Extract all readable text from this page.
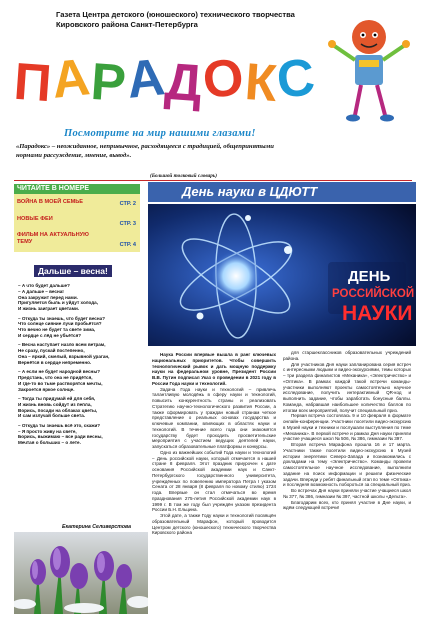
Газета Центра детского (юношеского) технического творчества
Кировского района Санкт-Петербурга
ПАРАДОКС
Посмотрите на мир нашими глазами!
«Парадокс» – неожиданное, непривычное, расходящееся с традицией, общепринятыми нормами рассуждение, мнение, вывод».
(Большой толковый словарь)
ВОЙНА В МОЕЙ СЕМЬЕ	СТР. 2
НОВЫЕ ФЕИ
СТР. 3
ФИЛЬМ НА АКТУАЛЬНУЮ ТЕМУ
СТР. 4
ЧИТАЙТЕ В НОМЕРЕ
Дальше – весна!
– А что будет дальше?
– А дальше – весна!
Она закружит перед нами.
Пригуляется быль и уйдут холода,
И жизнь заиграет цветами.
– Откуда ты знаешь, что будет весна?
Что солнце сияние лучи пробьётся?
Что вечно не будет та свете зима,
И сердце с лёд не убьётся?
– Весна наступает назло всем ветрам,
Не сразу, пускай постепенно,
Она – яркий, смелый, взрывной ураган,
Вернётся в сердце непременно.
– А если не будет народной весны?
Предстань, что она не придётся,
И где-то во тьме растворятся мечты,
Закроется яркое солнце.
– Тогда ты придумай ей для себя,
И жизнь вновь сойдут из пепла,
Ворись, посади на облаках цветы,
И сам излучай больше света.
– Откуда ты знаешь всё это, скажи?
– Я просто живу на свете,
Борись, выжимаю – все ради весны,
Мечтая о больших – о лете.
Екатерина Селиверстова
День науки в ЦДЮТТ
ДЕНЬ
РОССИЙСКОЙ
НАУКИ

Наука России впервые вышла в ранг ключевых национальных приоритетов. Чтобы совершить технологический рывок и дать мощную поддержку науки на федеральном уровне, Президент России В.В. Путин подписал Указ о проведении в 2021 году в России Года науки и технологий.

Задача Года науки и технологий – привлечь талантливую молодёжь в сферу науки и технологий, повысить конкурентность страны и реализовать Стратегию научно-технологического развития России, а также сформировать у граждан новый странам четкое представление о реальных основах государства и ключевые компании, влияющих в областях науки и технологий. В течение всего года они знакомятся государству будет проходить просветительские мероприятия с участием ведущих деятелей науки, запускаться образовательные платформы и конкурсы.

Одно из важнейших событий Года науки и технологий – День российской науки, который отмечается в нашей стране 8 февраля. Этот праздник приурочен к дате основания Российской академии наук и Санкт-Петербургского государственного университета, учреждённых по повелению императора Петра I указом Сената от 28 января (8 февраля по новому стилю) 1724 года. Впервые он стал отмечаться во время празднования 275-летия Российской академии наук в 1999 г. В том же году был учреждён указом президента России Б.Н. Ельцина.

Этой дате, а также Году науки и технологий посвящён образовательный Марафон, который проводится Центром детского (юношеского) технического творчества Кировского района

для старшеклассников образовательных учреждений района.

Для участников Дня науки запланирована серия встреч с интересными людьми и видео-экскурсиями, темы которых – три раздела финалистов «Механика», «Электричество» и «Оптика». В рамках каждой такой встречи команды-участники выполняют проекты самостоятельно научное исследование, получить интерактивный QR-код и выполнить задание, чтобы заработать бонусные баллы. Команда, набравшая наибольшее количество баллов по итогам всех мероприятий, получит специальный приз.

Первая встреча состоялась 9 и 10 февраля в формате онлайн-конференции. Участники посетили видео-экскурсию в Музей науки и техники и послушали выступления по теме «Механика». В первой встрече и рамках Дня науки приняли участие учащиеся школ № 506, № 386, гимназии № 397.

Вторая встреча Марафона прошла 16 и 17 марта. Участники также посетили видео-экскурсию в Музей истории энергетики Северо-Запада и познакомились с докладами на тему «Электричество». Команды провели самостоятельное научное исследование, выполнили задание на поиск информации и решили физические задачи. Впереди у ребят финальный этап по теме «Оптика» и последняя возможность побороться за специальный приз.

Во встречах Дня науки приняли участие учащиеся школ № 377, № 386, гимназии № 397, частной школы «Дельта».

Благодарим всех, кто принял участие в Дне науки, и ждём следующей встречи!
